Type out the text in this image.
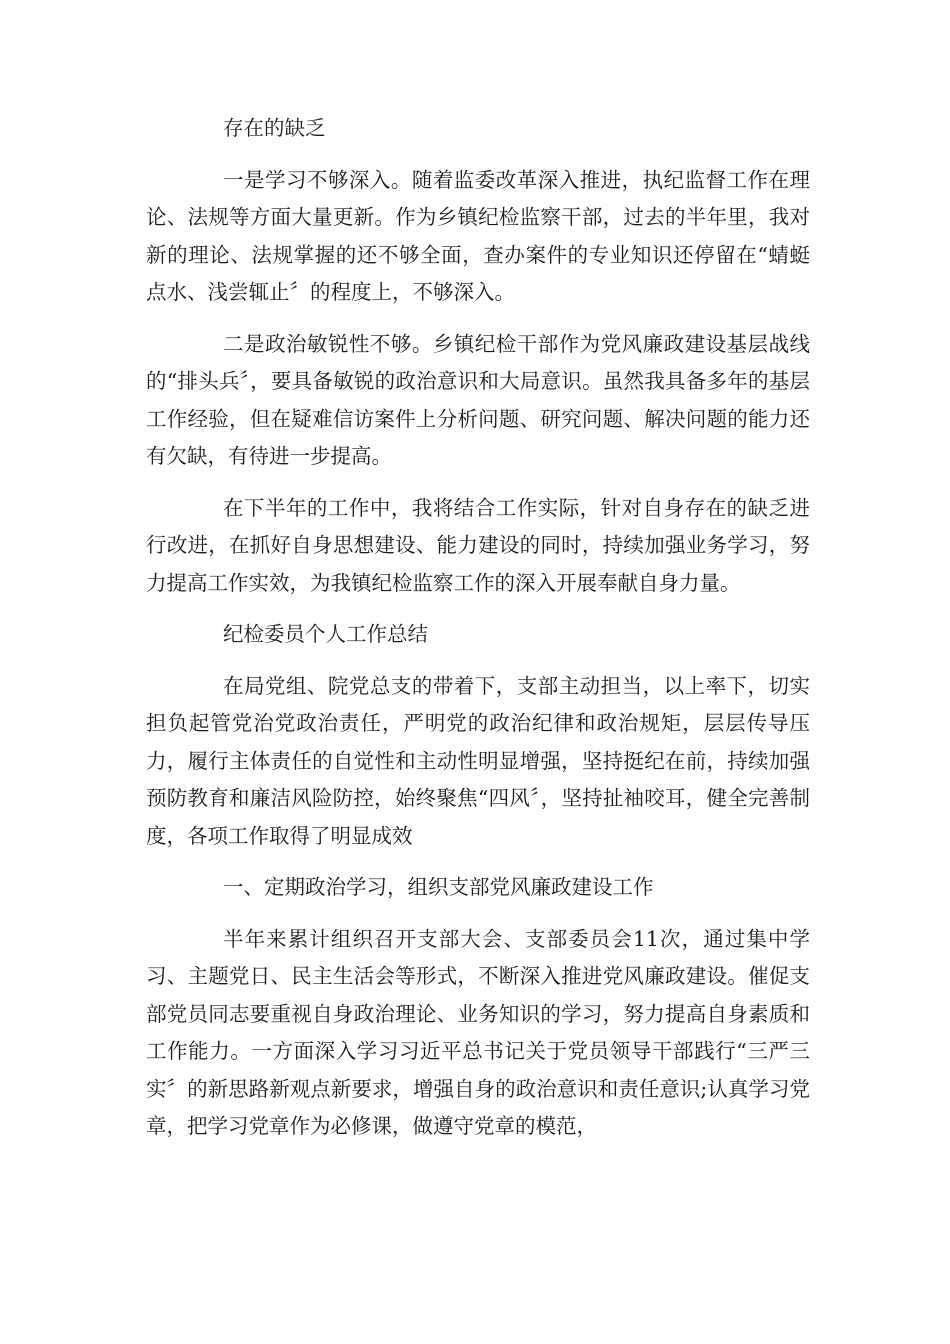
存在的缺乏

一是学习不够深入。随着监委改革深入推进，执纪监督工作在理论、法规等方面大量更新。作为乡镇纪检监察干部，过去的半年里，我对新的理论、法规掌握的还不够全面，查办案件的专业知识还停留在“蜻蜓点水、浅尝辄止〞的程度上，不够深入。

二是政治敏锐性不够。乡镇纪检干部作为党风廉政建设基层战线的“排头兵〞，要具备敏锐的政治意识和大局意识。虽然我具备多年的基层工作经验，但在疑难信访案件上分析问题、研究问题、解决问题的能力还有欠缺，有待进一步提高。

在下半年的工作中，我将结合工作实际，针对自身存在的缺乏进行改进，在抓好自身思想建设、能力建设的同时，持续加强业务学习，努力提高工作实效，为我镇纪检监察工作的深入开展奉献自身力量。

纪检委员个人工作总结

在局党组、院党总支的带着下，支部主动担当，以上率下，切实担负起管党治党政治责任，严明党的政治纪律和政治规矩，层层传导压力，履行主体责任的自觉性和主动性明显增强，坚持挺纪在前，持续加强预防教育和廉洁风险防控，始终聚焦“四风〞，坚持扯袖咬耳，健全完善制度，各项工作取得了明显成效

一、定期政治学习，组织支部党风廉政建设工作

半年来累计组织召开支部大会、支部委员会11次，通过集中学习、主题党日、民主生活会等形式，不断深入推进党风廉政建设。催促支部党员同志要重视自身政治理论、业务知识的学习，努力提高自身素质和工作能力。一方面深入学习习近平总书记关于党员领导干部践行“三严三 实〞的新思路新观点新要求，增强自身的政治意识和责任意识;认真学习党章，把学习党章作为必修课，做遵守党章的模范，
